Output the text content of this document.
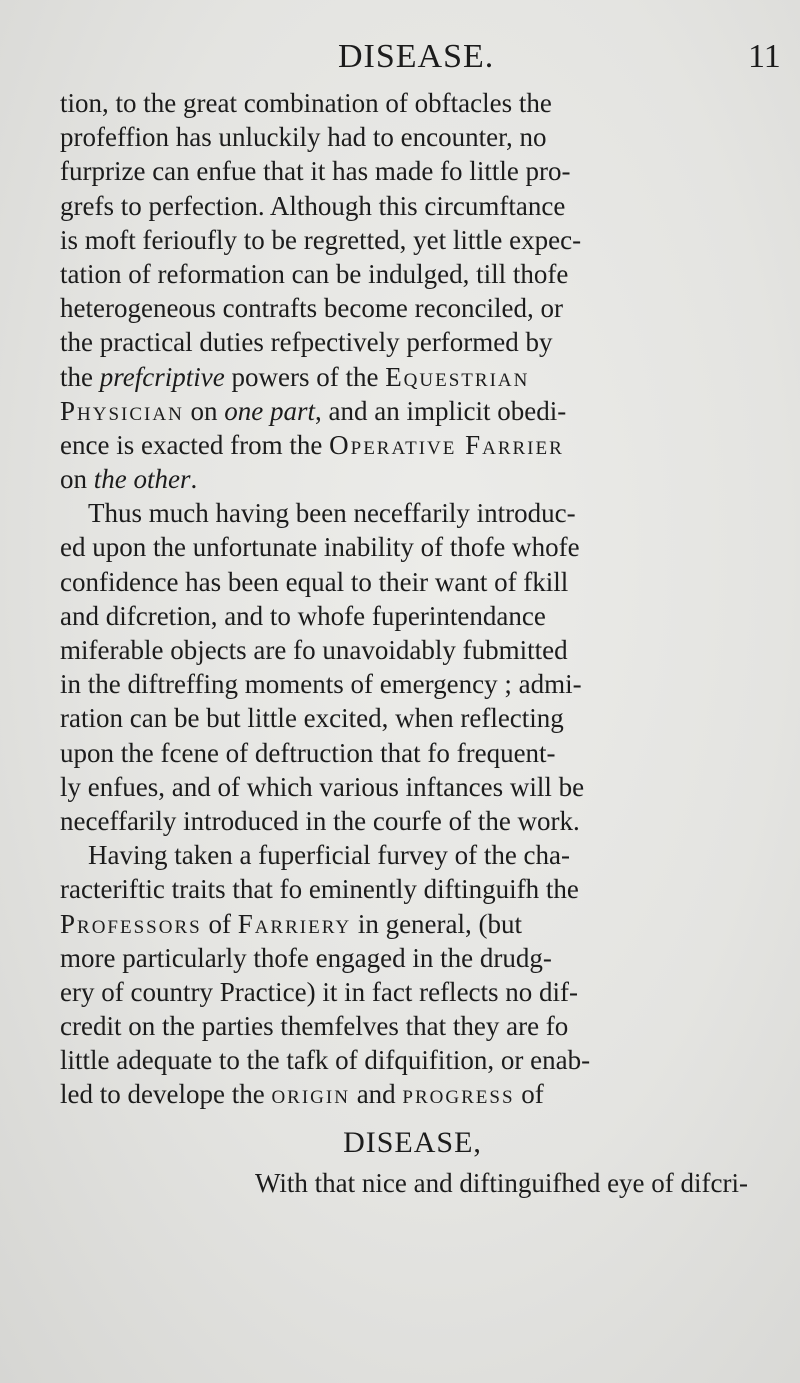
DISEASE.	11
tion, to the great combination of obftacles the
profeffion has unluckily had to encounter, no
furprize can enfue that it has made fo little pro-
grefs to perfection. Although this circumftance
is moft ferioufly to be regretted, yet little expec-
tation of reformation can be indulged, till thofe
heterogeneous contrafts become reconciled, or
the practical duties refpectively performed by
the prefcriptive powers of the Equestrian
Physician on one part, and an implicit obedi-
ence is exacted from the Operative Farrier
on the other.
Thus much having been neceffarily introduc-
ed upon the unfortunate inability of thofe whofe
confidence has been equal to their want of fkill
and difcretion, and to whofe fuperintendance
miferable objects are fo unavoidably fubmitted
in the diftreffing moments of emergency ; admi-
ration can be but little excited, when reflecting
upon the fcene of deftruction that fo frequent-
ly enfues, and of which various inftances will be
neceffarily introduced in the courfe of the work.
Having taken a fuperficial furvey of the cha-
racteriftic traits that fo eminently diftinguifh the
Professors of Farriery in general, (but
more particularly thofe engaged in the drudg-
ery of country Practice) it in fact reflects no dif-
credit on the parties themfelves that they are fo
little adequate to the tafk of difquifition, or enab-
led to develope the origin and progress of
DISEASE,
With that nice and diftinguifhed eye of difcri-
